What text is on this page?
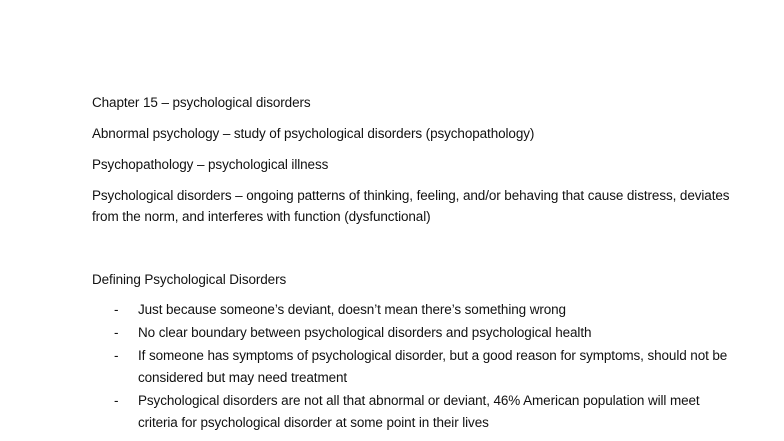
Chapter 15 – psychological disorders

Abnormal psychology – study of psychological disorders (psychopathology)

Psychopathology – psychological illness

Psychological disorders – ongoing patterns of thinking, feeling, and/or behaving that cause distress, deviates from the norm, and interferes with function (dysfunctional)

Defining Psychological Disorders

- Just because someone’s deviant, doesn’t mean there’s something wrong
- No clear boundary between psychological disorders and psychological health
- If someone has symptoms of psychological disorder, but a good reason for symptoms, should not be considered but may need treatment
- Psychological disorders are not all that abnormal or deviant, 46% American population will meet criteria for psychological disorder at some point in their lives
